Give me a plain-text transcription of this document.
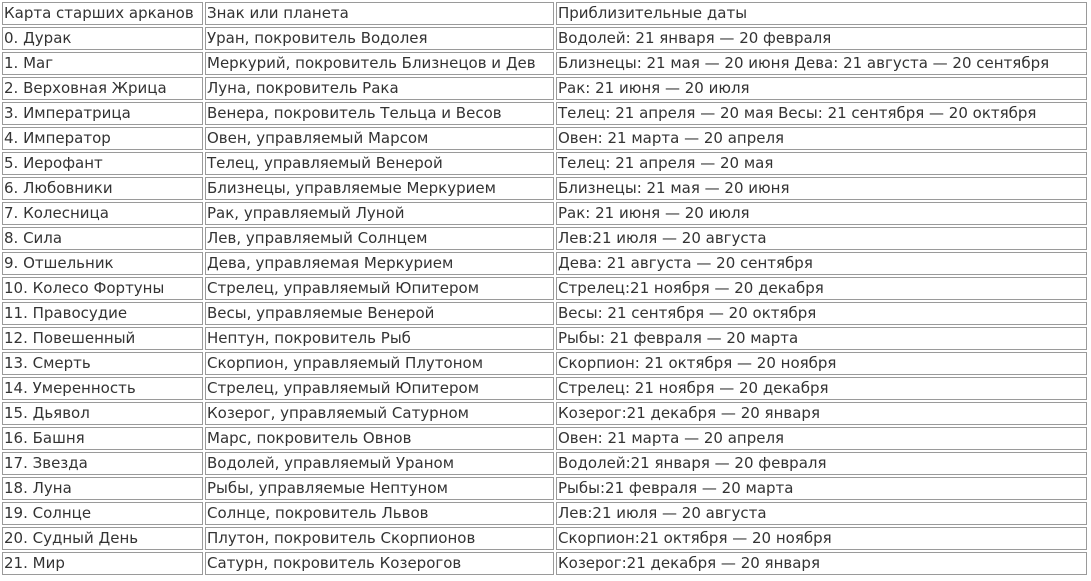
Карта старших арканов	Знак или планета	Приблизительные даты
0. Дурак	Уран, покровитель Водолея	Водолей: 21 января — 20 февраля
1. Маг	Меркурий, покровитель Близнецов и Дев	Близнецы: 21 мая — 20 июня Дева: 21 августа — 20 сентября
2. Верховная Жрица	Луна, покровитель Рака	Рак: 21 июня — 20 июля
3. Императрица	Венера, покровитель Тельца и Весов	Телец: 21 апреля — 20 мая Весы: 21 сентября — 20 октября
4. Император	Овен, управляемый Марсом	Овен: 21 марта — 20 апреля
5. Иерофант	Телец, управляемый Венерой	Телец: 21 апреля — 20 мая
6. Любовники	Близнецы, управляемые Меркурием	Близнецы: 21 мая — 20 июня
7. Колесница	Рак, управляемый Луной	Рак: 21 июня — 20 июля
8. Сила	Лев, управляемый Солнцем	Лев:21 июля — 20 августа
9. Отшельник	Дева, управляемая Меркурием	Дева: 21 августа — 20 сентября
10. Колесо Фортуны	Стрелец, управляемый Юпитером	Стрелец:21 ноября — 20 декабря
11. Правосудие	Весы, управляемые Венерой	Весы: 21 сентября — 20 октября
12. Повешенный	Нептун, покровитель Рыб	Рыбы: 21 февраля — 20 марта
13. Смерть	Скорпион, управляемый Плутоном	Скорпион: 21 октября — 20 ноября
14. Умеренность	Стрелец, управляемый Юпитером	Стрелец: 21 ноября — 20 декабря
15. Дьявол	Козерог, управляемый Сатурном	Козерог:21 декабря — 20 января
16. Башня	Марс, покровитель Овнов	Овен: 21 марта — 20 апреля
17. Звезда	Водолей, управляемый Ураном	Водолей:21 января — 20 февраля
18. Луна	Рыбы, управляемые Нептуном	Рыбы:21 февраля — 20 марта
19. Солнце	Солнце, покровитель Львов	Лев:21 июля — 20 августа
20. Судный День	Плутон, покровитель Скорпионов	Скорпион:21 октября — 20 ноября
21. Мир	Сатурн, покровитель Козерогов	Козерог:21 декабря — 20 января
